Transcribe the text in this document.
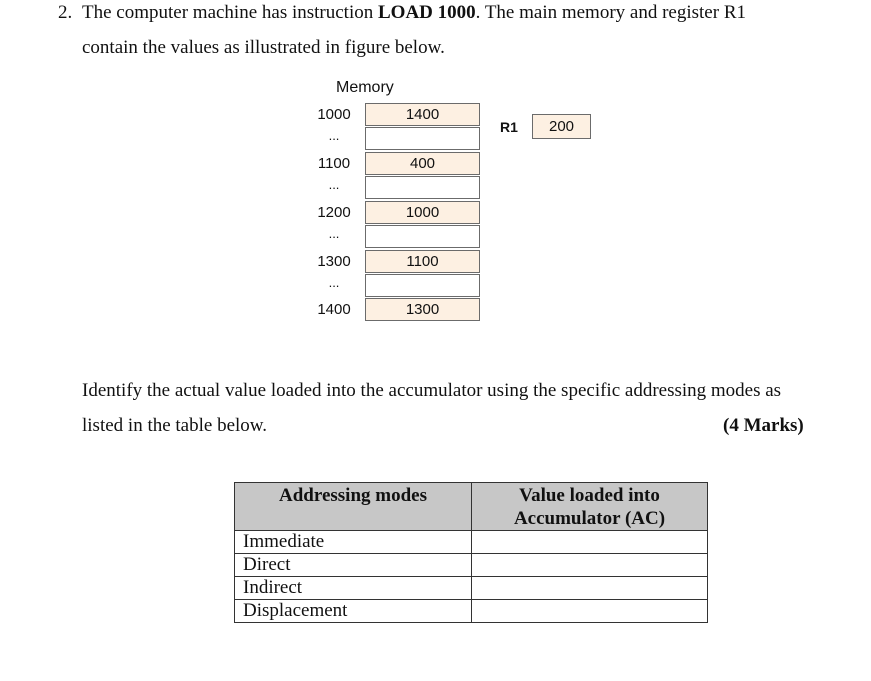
2. The computer machine has instruction LOAD 1000. The main memory and register R1
contain the values as illustrated in figure below.
Memory
1000	1400
...
1100	400
...
1200	1000
...
1300	1100
...
1400	1300
R1	200
Identify the actual value loaded into the accumulator using the specific addressing modes as
listed in the table below.	(4 Marks)
Addressing modes	Value loaded into Accumulator (AC)
Immediate	
Direct	
Indirect	
Displacement	
